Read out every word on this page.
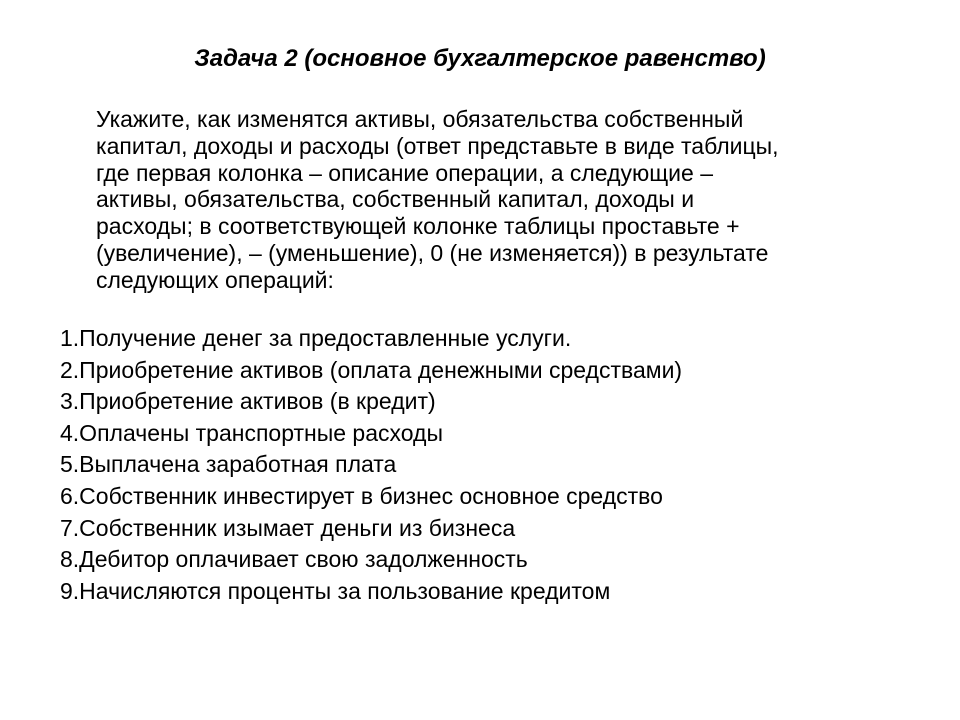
Задача 2 (основное бухгалтерское равенство)
Укажите, как изменятся активы, обязательства собственный
капитал, доходы и расходы (ответ представьте в виде таблицы,
где первая колонка – описание операции, а следующие –
активы, обязательства, собственный капитал, доходы и
расходы; в соответствующей колонке таблицы проставьте +
(увеличение), – (уменьшение), 0 (не изменяется)) в результате
следующих операций:
1.Получение денег за предоставленные услуги.
2.Приобретение активов (оплата денежными средствами)
3.Приобретение активов (в кредит)
4.Оплачены транспортные расходы
5.Выплачена заработная плата
6.Собственник инвестирует в бизнес основное средство
7.Собственник изымает деньги из бизнеса
8.Дебитор оплачивает свою задолженность
9.Начисляются проценты за пользование кредитом
